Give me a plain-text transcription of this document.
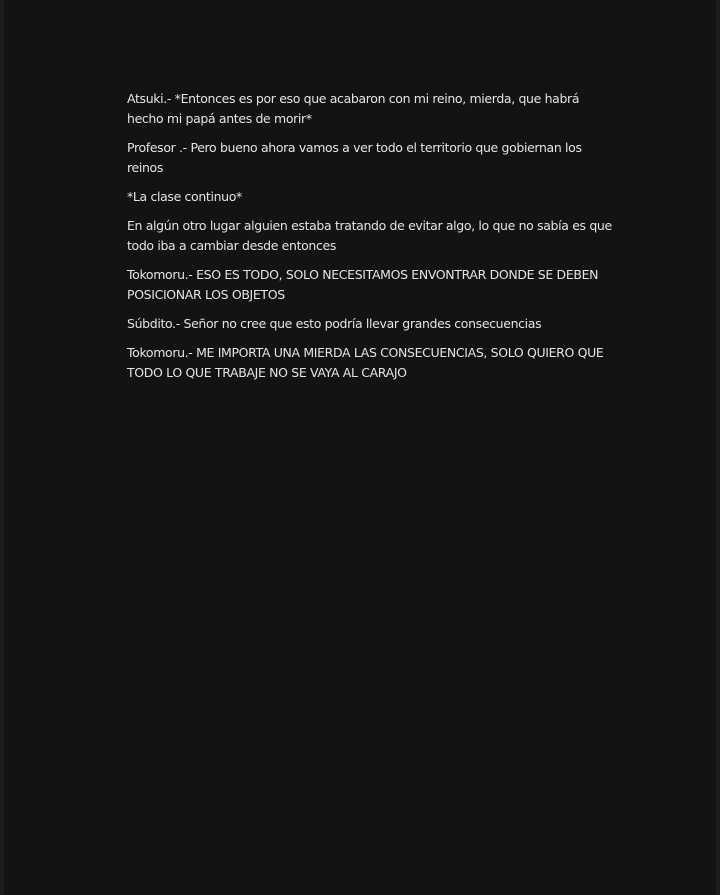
Atsuki.- *Entonces es por eso que acabaron con mi reino, mierda, que habrá hecho mi papá antes de morir*

Profesor .- Pero bueno ahora vamos a ver todo el territorio que gobiernan los reinos

*La clase continuo*

En algún otro lugar alguien estaba tratando de evitar algo, lo que no sabía es que todo iba a cambiar desde entonces

Tokomoru.- ESO ES TODO, SOLO NECESITAMOS ENVONTRAR DONDE SE DEBEN POSICIONAR LOS OBJETOS

Súbdito.- Señor no cree que esto podría llevar grandes consecuencias

Tokomoru.- ME IMPORTA UNA MIERDA LAS CONSECUENCIAS, SOLO QUIERO QUE TODO LO QUE TRABAJE NO SE VAYA AL CARAJO
